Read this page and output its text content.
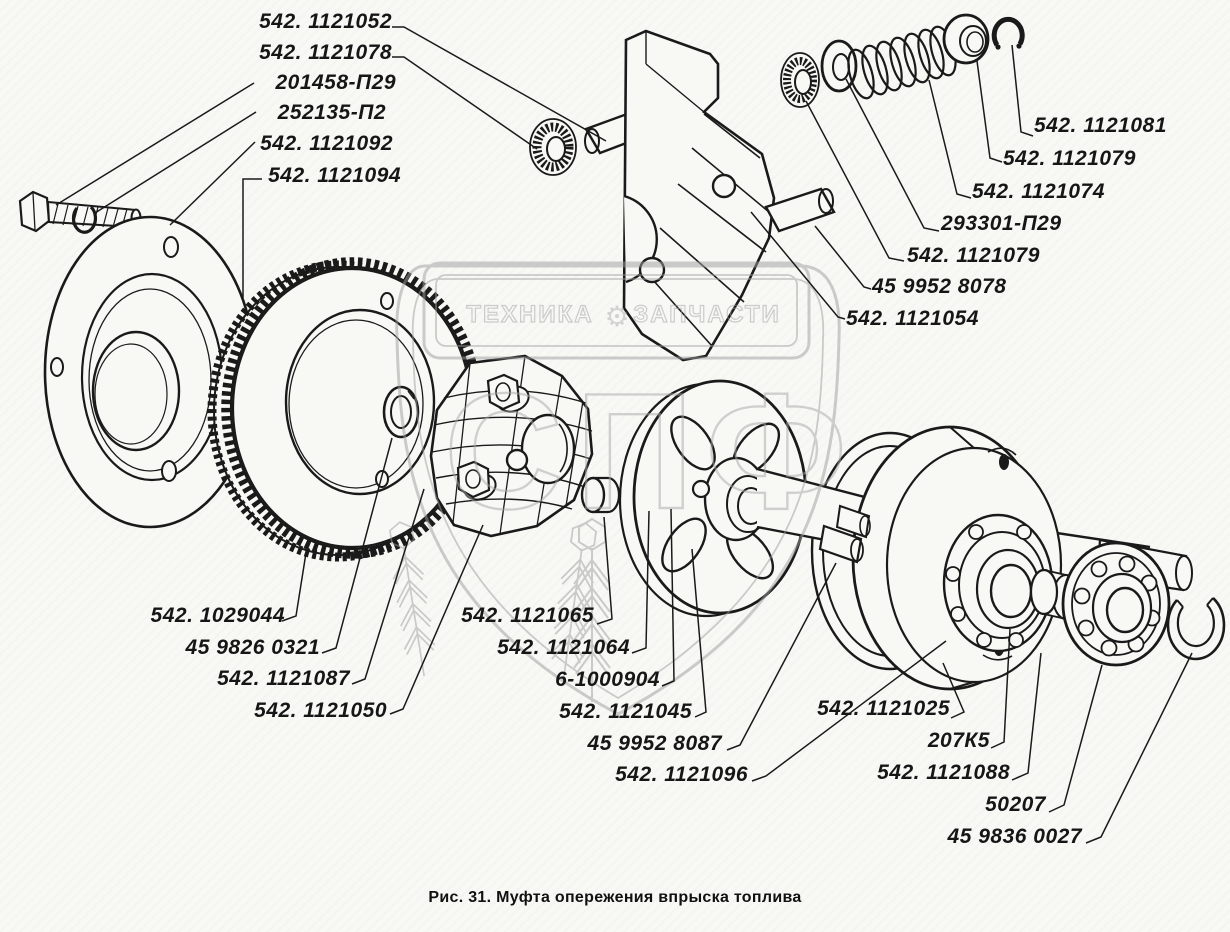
ТЕХНИКА ⚙ ЗАПЧАСТИ
СПФ
542. 1121052
542. 1121078
201458-П29
252135-П2
542. 1121092
542. 1121094
542. 1121081
542. 1121079
542. 1121074
293301-П29
542. 1121079
45 9952 8078
542. 1121054
542. 1029044
45 9826 0321
542. 1121087
542. 1121050
542. 1121065
542. 1121064
6-1000904
542. 1121045
45 9952 8087
542. 1121096
542. 1121025
207К5
542. 1121088
50207
45 9836 0027
Рис. 31. Муфта опережения впрыска топлива
